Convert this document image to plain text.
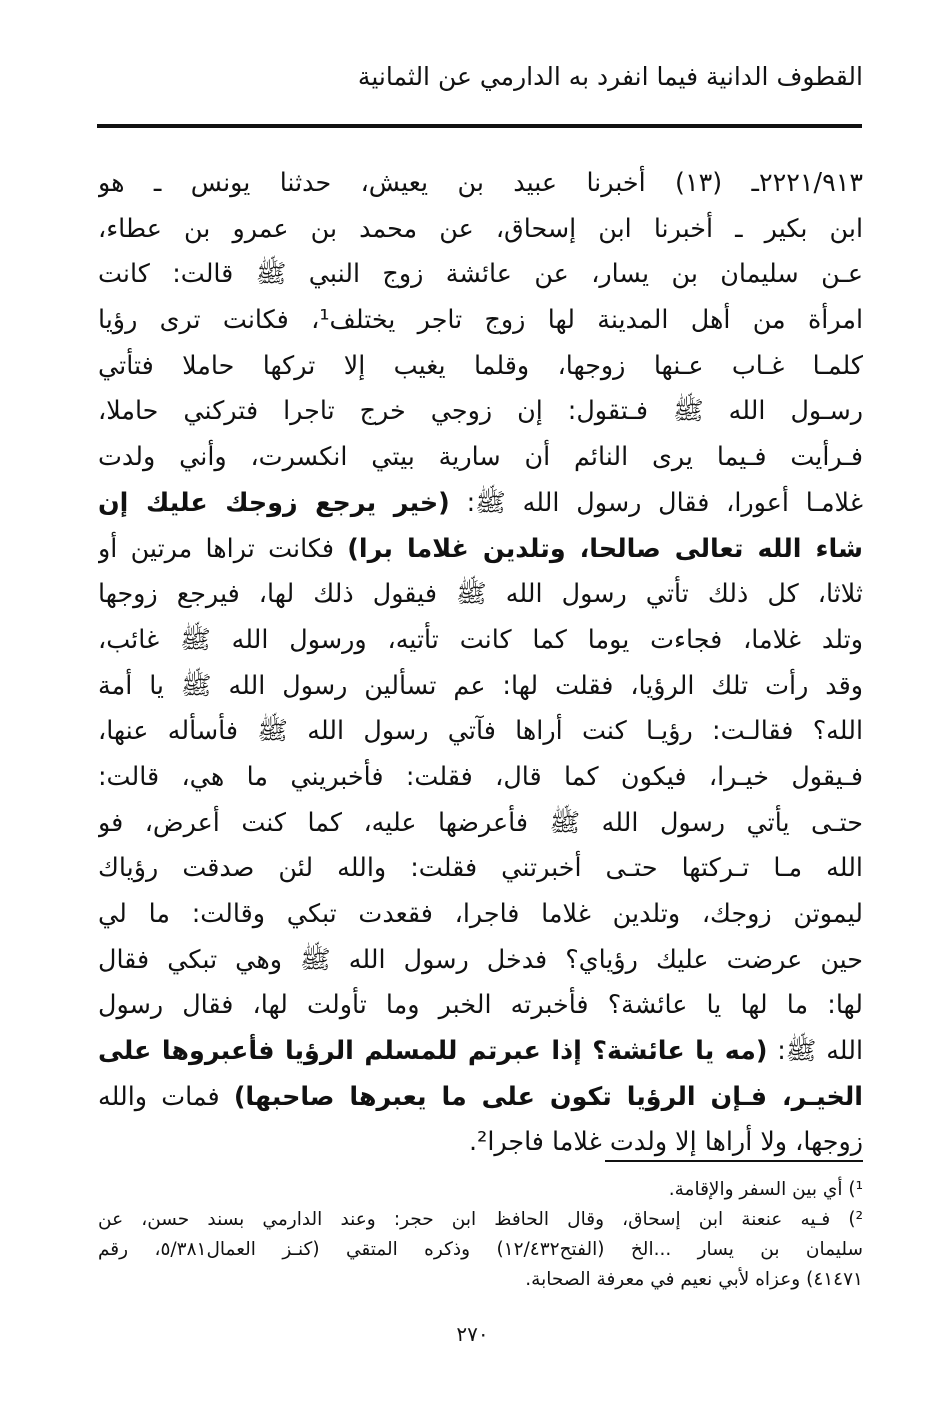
القطوف الدانية فيما انفرد به الدارمي عن الثمانية
٢٢٢١/٩١٣ـ (١٣) أخبرنا عبيد بن يعيش، حدثنا يونس ـ هو
ابن بكير ـ أخبرنا ابن إسحاق، عن محمد بن عمرو بن عطاء،
عـن سليمان بن يسار، عن عائشة زوج النبي ﷺ قالت: كانت
امرأة من أهل المدينة لها زوج تاجر يختلف¹، فكانت ترى رؤيا
كلمـا غـاب عـنها زوجها، وقلما يغيب إلا تركها حاملا فتأتي
رسـول الله ﷺ فـتقول: إن زوجي خرج تاجرا فتركني حاملا،
فـرأيت فـيما يرى النائم أن سارية بيتي انكسرت، وأني ولدت
غلامـا أعورا، فقال رسول الله ﷺ: (خير يرجع زوجك عليك إن
شاء الله تعالى صالحا، وتلدين غلاما برا) فكانت تراها مرتين أو
ثلاثا، كل ذلك تأتي رسول الله ﷺ فيقول ذلك لها، فيرجع زوجها
وتلد غلاما، فجاءت يوما كما كانت تأتيه، ورسول الله ﷺ غائب،
وقد رأت تلك الرؤيا، فقلت لها: عم تسألين رسول الله ﷺ يا أمة
الله؟ فقالـت: رؤيـا كنت أراها فآتي رسول الله ﷺ فأسأله عنها،
فـيقول خيـرا، فيكون كما قال، فقلت: فأخبريني ما هي، قالت:
حتـى يأتي رسول الله ﷺ فأعرضها عليه، كما كنت أعرض، فو
الله مـا تـركتها حتـى أخبرتني فقلت: والله لئن صدقت رؤياك
ليموتن زوجك، وتلدين غلاما فاجرا، فقعدت تبكي وقالت: ما لي
حين عرضت عليك رؤياي؟ فدخل رسول الله ﷺ وهي تبكي فقال
لها: ما لها يا عائشة؟ فأخبرته الخبر وما تأولت لها، فقال رسول
الله ﷺ: (مه يا عائشة؟ إذا عبرتم للمسلم الرؤيا فأعبروها على
الخيـر، فـإن الرؤيا تكون على ما يعبرها صاحبها) فمات والله
زوجها، ولا أراها إلا ولدت غلاما فاجرا².
¹) أي بين السفر والإقامة.
²) فـيه عنعنة ابن إسحاق، وقال الحافظ ابن حجر: وعند الدارمي بسند حسن، عن
سليمان بن يسار ...الخ (الفتح١٢/٤٣٢) وذكره المتقي (كنـز العمال٥/٣٨١، رقم
٤١٤٧١) وعزاه لأبي نعيم في معرفة الصحابة.
٢٧٠
